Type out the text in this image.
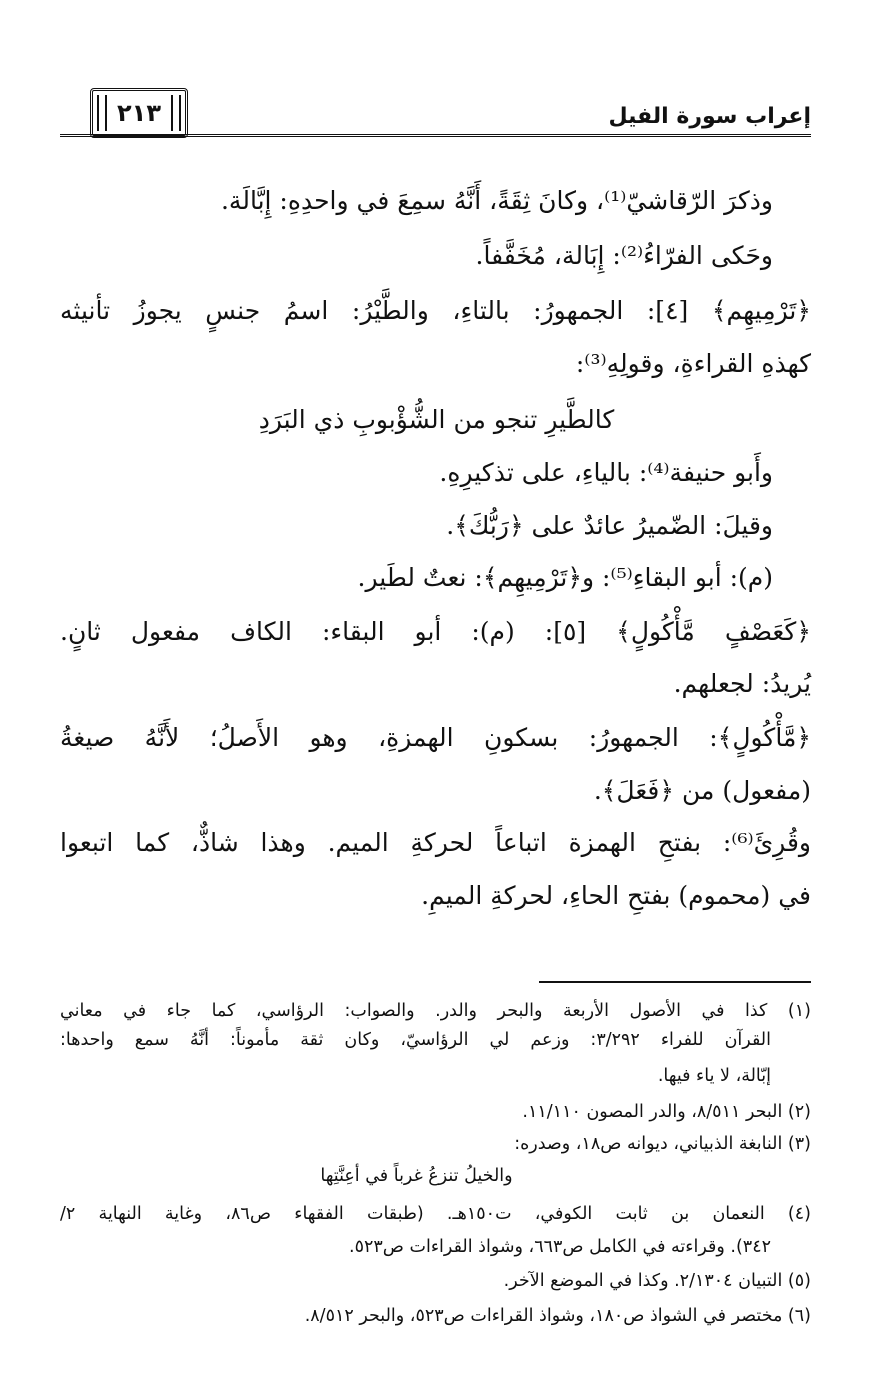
إعراب سورة الفيل
٢١٣
وذكرَ الرّقاشيّ⁽¹⁾، وكانَ ثِقَةً، أَنَّهُ سمِعَ في واحدِهِ: إِبَّالَة.
وحَكى الفرّاءُ⁽²⁾: إِبَالة، مُخَفَّفاً.
﴿تَرْمِيهِم﴾ [٤]: الجمهورُ: بالتاءِ، والطَّيْرُ: اسمُ جنسٍ يجوزُ تأنيثه
كهذهِ القراءةِ، وقولِهِ⁽³⁾:
كالطَّيرِ تنجو من الشُّؤْبوبِ ذي البَرَدِ
وأَبو حنيفة⁽⁴⁾: بالياءِ، على تذكيرِهِ.
وقيلَ: الضّميرُ عائدٌ على ﴿رَبُّكَ﴾.
(م): أبو البقاءِ⁽⁵⁾: و﴿تَرْمِيهِم﴾: نعتٌ لطَير.
﴿كَعَصْفٍ مَّأْكُولٍ﴾ [٥]: (م): أبو البقاء: الكاف مفعول ثانٍ.
يُريدُ: لجعلهم.
﴿مَّأْكُولٍ﴾: الجمهورُ: بسكونِ الهمزةِ، وهو الأَصلُ؛ لأَنَّهُ صيغةُ
(مفعول) من ﴿فَعَلَ﴾.
وقُرِئَ⁽⁶⁾: بفتحِ الهمزة اتباعاً لحركةِ الميم. وهذا شاذٌّ، كما اتبعوا
في (محموم) بفتحِ الحاءِ، لحركةِ الميمِ.
(١) كذا في الأصول الأربعة والبحر والدر. والصواب: الرؤاسي، كما جاء في معاني
القرآن للفراء ٣/٢٩٢: وزعم لي الرؤاسيّ، وكان ثقة مأموناً: أنَّهُ سمع واحدها:
إبّالة، لا ياء فيها.
(٢) البحر ٨/٥١١، والدر المصون ١١/١١٠.
(٣) النابغة الذبياني، ديوانه ص١٨، وصدره:
والخيلُ تنزعُ غرباً في أعِنَّتِها
(٤) النعمان بن ثابت الكوفي، ت١٥٠هـ. (طبقات الفقهاء ص٨٦، وغاية النهاية ٢/
٣٤٢). وقراءته في الكامل ص٦٦٣، وشواذ القراءات ص٥٢٣.
(٥) التبيان ٢/١٣٠٤. وكذا في الموضع الآخر.
(٦) مختصر في الشواذ ص١٨٠، وشواذ القراءات ص٥٢٣، والبحر ٨/٥١٢.
